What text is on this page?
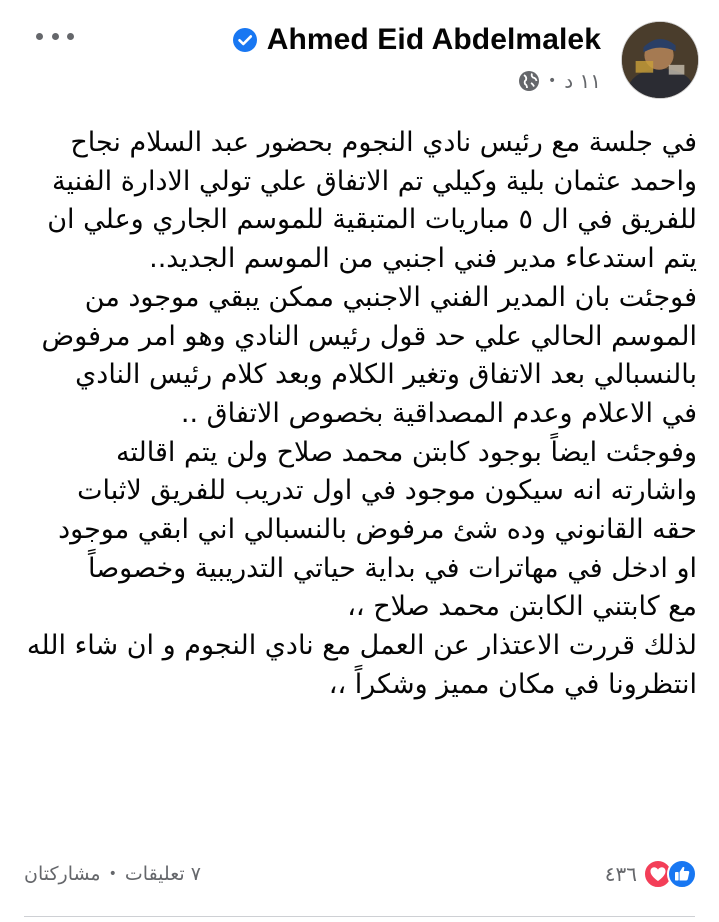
Ahmed Eid Abdelmalek
• ١١ د
في جلسة مع رئيس نادي النجوم بحضور عبد السلام نجاح
واحمد عثمان بلية وكيلي تم الاتفاق علي تولي الادارة الفنية
للفريق في ال ٥ مباريات المتبقية للموسم الجاري وعلي ان
يتم استدعاء مدير فني اجنبي من الموسم الجديد..
فوجئت بان المدير الفني الاجنبي ممكن يبقي موجود من
الموسم الحالي علي حد قول رئيس النادي وهو امر مرفوض
بالنسبالي بعد الاتفاق وتغير الكلام وبعد كلام رئيس النادي
في الاعلام وعدم المصداقية بخصوص الاتفاق ..
وفوجئت ايضاً بوجود كابتن محمد صلاح ولن يتم اقالته
واشارته انه سيكون موجود في اول تدريب للفريق لاثبات
حقه القانوني وده شئ مرفوض بالنسبالي اني ابقي موجود
او ادخل في مهاترات في بداية حياتي التدريبية وخصوصاً
مع كابتني الكابتن محمد صلاح ،،
لذلك قررت الاعتذار عن العمل مع نادي النجوم و ان شاء الله
انتظرونا في مكان مميز وشكراً ،،
٤٣٦
٧ تعليقات
•
مشاركتان
